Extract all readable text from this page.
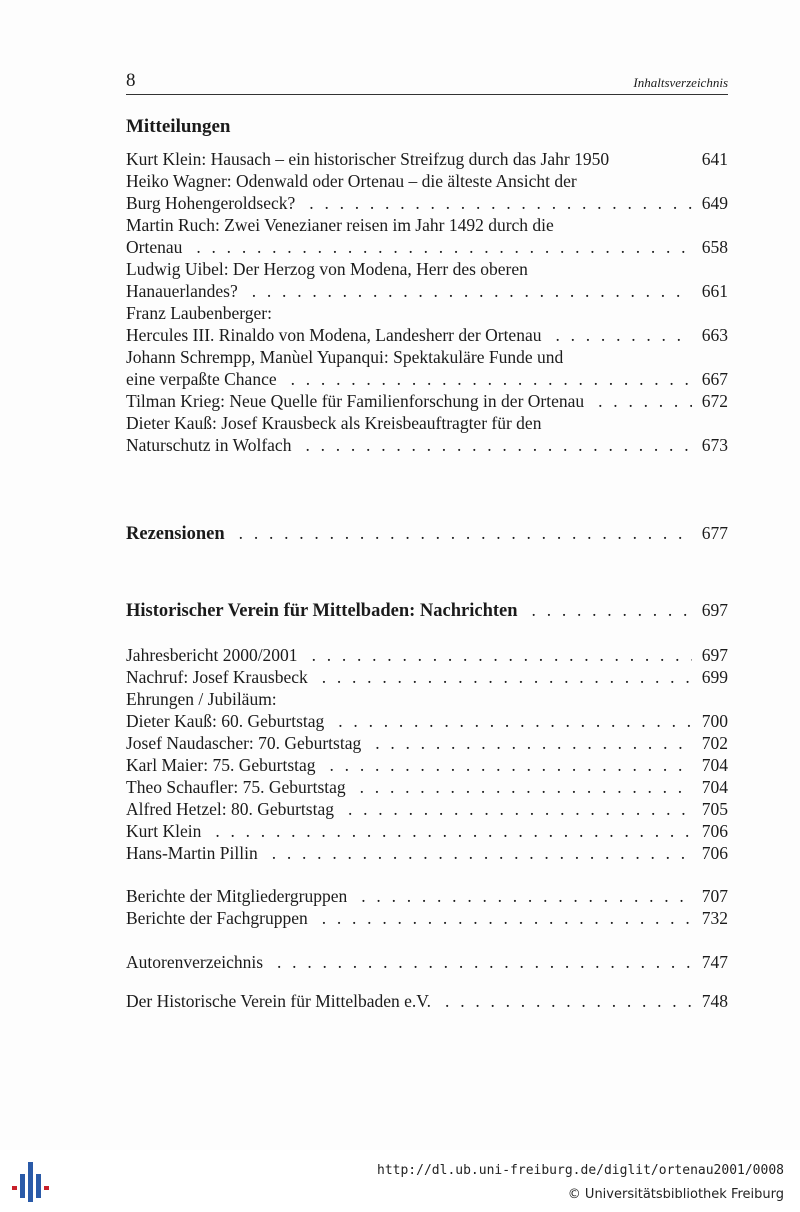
8	Inhaltsverzeichnis
Mitteilungen
Kurt Klein: Hausach – ein historischer Streifzug durch das Jahr 1950	641
Heiko Wagner: Odenwald oder Ortenau – die älteste Ansicht der
Burg Hohengeroldseck? . . .	649
Martin Ruch: Zwei Venezianer reisen im Jahr 1492 durch die
Ortenau . . .	658
Ludwig Uibel: Der Herzog von Modena, Herr des oberen
Hanauerlandes? . . .	661
Franz Laubenberger:
Hercules III. Rinaldo von Modena, Landesherr der Ortenau . . .	663
Johann Schrempp, Manùel Yupanqui: Spektakuläre Funde und
eine verpaßte Chance . . .	667
Tilman Krieg: Neue Quelle für Familienforschung in der Ortenau . . .	672
Dieter Kauß: Josef Krausbeck als Kreisbeauftragter für den
Naturschutz in Wolfach . . .	673
Rezensionen . . .	677
Historischer Verein für Mittelbaden: Nachrichten . . .	697
Jahresbericht 2000/2001 . . .	697
Nachruf: Josef Krausbeck . . .	699
Ehrungen / Jubiläum:
Dieter Kauß: 60. Geburtstag . . .	700
Josef Naudascher: 70. Geburtstag . . .	702
Karl Maier: 75. Geburtstag . . .	704
Theo Schaufler: 75. Geburtstag . . .	704
Alfred Hetzel: 80. Geburtstag . . .	705
Kurt Klein . . .	706
Hans-Martin Pillin . . .	706
Berichte der Mitgliedergruppen . . .	707
Berichte der Fachgruppen . . .	732
Autorenverzeichnis . . .	747
Der Historische Verein für Mittelbaden e.V. . . .	748
http://dl.ub.uni-freiburg.de/diglit/ortenau2001/0008
© Universitätsbibliothek Freiburg
